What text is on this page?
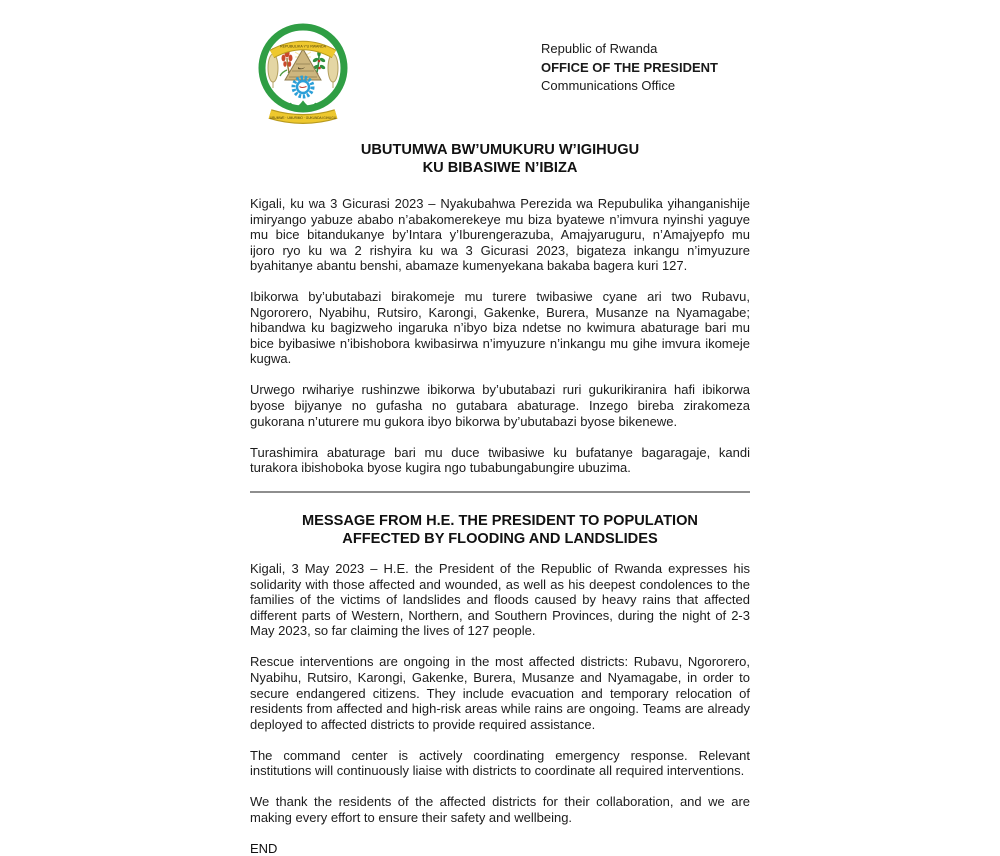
REPUBULIKA Y'U RWANDA
UBUMWE · UMURIMO · GUKUNDA IGIHUGU
Republic of Rwanda
OFFICE OF THE PRESIDENT
Communications Office
UBUTUMWA BW’UMUKURU W’IGIHUGU
KU BIBASIWE N’IBIZA

Kigali, ku wa 3 Gicurasi 2023 – Nyakubahwa Perezida wa Repubulika yihanganishije imiryango yabuze ababo n’abakomerekeye mu biza byatewe n’imvura nyinshi yaguye mu bice bitandukanye by’Intara y’Iburengerazuba, Amajyaruguru, n’Amajyepfo mu ijoro ryo ku wa 2 rishyira ku wa 3 Gicurasi 2023, bigateza inkangu n’imyuzure byahitanye abantu benshi, abamaze kumenyekana bakaba bagera kuri 127.

Ibikorwa by’ubutabazi birakomeje mu turere twibasiwe cyane ari two Rubavu, Ngororero, Nyabihu, Rutsiro, Karongi, Gakenke, Burera, Musanze na Nyamagabe; hibandwa ku bagizweho ingaruka n’ibyo biza ndetse no kwimura abaturage bari mu bice byibasiwe n’ibishobora kwibasirwa n’imyuzure n’inkangu mu gihe imvura ikomeje kugwa.

Urwego rwihariye rushinzwe ibikorwa by’ubutabazi ruri gukurikiranira hafi ibikorwa byose bijyanye no gufasha no gutabara abaturage. Inzego bireba zirakomeza gukorana n’uturere mu gukora ibyo bikorwa by’ubutabazi byose bikenewe.

Turashimira abaturage bari mu duce twibasiwe ku bufatanye bagaragaje, kandi turakora ibishoboka byose kugira ngo tubabungabungire ubuzima.

MESSAGE FROM H.E. THE PRESIDENT TO POPULATION
AFFECTED BY FLOODING AND LANDSLIDES

Kigali, 3 May 2023 – H.E. the President of the Republic of Rwanda expresses his solidarity with those affected and wounded, as well as his deepest condolences to the families of the victims of landslides and floods caused by heavy rains that affected different parts of Western, Northern, and Southern Provinces, during the night of 2-3 May 2023, so far claiming the lives of 127 people.

Rescue interventions are ongoing in the most affected districts: Rubavu, Ngororero, Nyabihu, Rutsiro, Karongi, Gakenke, Burera, Musanze and Nyamagabe, in order to secure endangered citizens. They include evacuation and temporary relocation of residents from affected and high-risk areas while rains are ongoing. Teams are already deployed to affected districts to provide required assistance.

The command center is actively coordinating emergency response. Relevant institutions will continuously liaise with districts to coordinate all required interventions.

We thank the residents of the affected districts for their collaboration, and we are making every effort to ensure their safety and wellbeing.

END
